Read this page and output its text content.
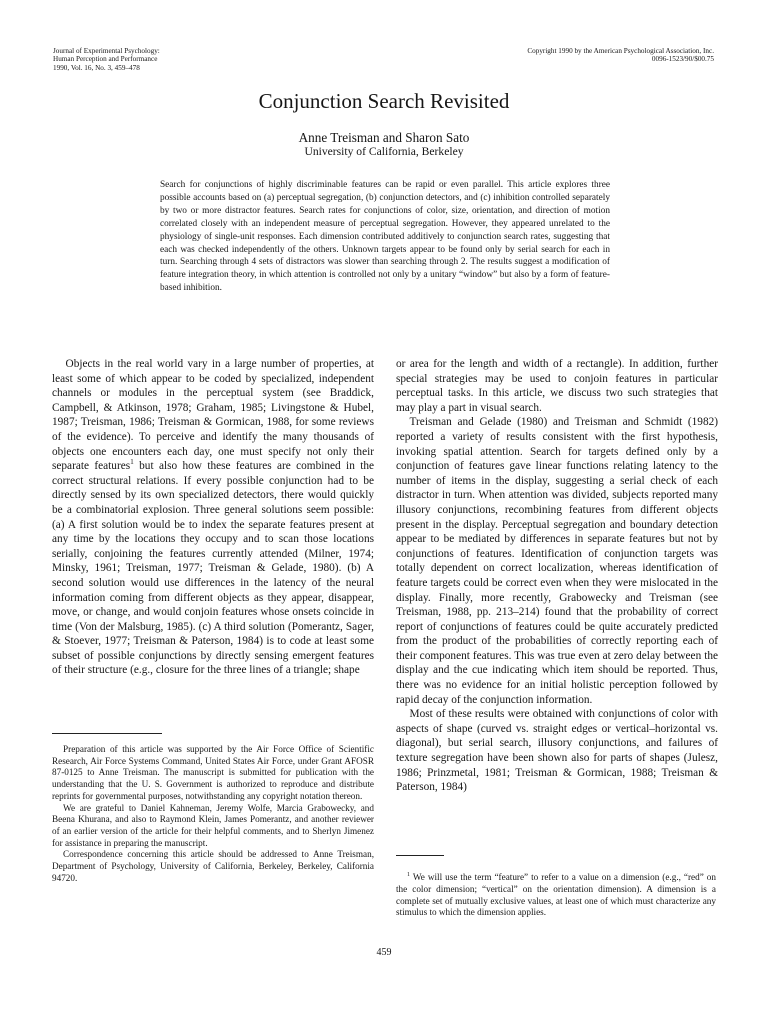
Journal of Experimental Psychology:
Human Perception and Performance
1990, Vol. 16, No. 3, 459–478
Copyright 1990 by the American Psychological Association, Inc.
0096-1523/90/$00.75
Conjunction Search Revisited
Anne Treisman and Sharon Sato
University of California, Berkeley

Search for conjunctions of highly discriminable features can be rapid or even parallel. This article explores three possible accounts based on (a) perceptual segregation, (b) conjunction detectors, and (c) inhibition controlled separately by two or more distractor features. Search rates for conjunctions of color, size, orientation, and direction of motion correlated closely with an independent measure of perceptual segregation. However, they appeared unrelated to the physiology of single-unit responses. Each dimension contributed additively to conjunction search rates, suggesting that each was checked independently of the others. Unknown targets appear to be found only by serial search for each in turn. Searching through 4 sets of distractors was slower than searching through 2. The results suggest a modification of feature integration theory, in which attention is controlled not only by a unitary “window” but also by a form of feature-based inhibition.

Objects in the real world vary in a large number of properties, at least some of which appear to be coded by specialized, independent channels or modules in the perceptual system (see Braddick, Campbell, & Atkinson, 1978; Graham, 1985; Livingstone & Hubel, 1987; Treisman, 1986; Treisman & Gormican, 1988, for some reviews of the evidence). To perceive and identify the many thousands of objects one encounters each day, one must specify not only their separate features$^1$ but also how these features are combined in the correct structural relations. If every possible conjunction had to be directly sensed by its own specialized detectors, there would quickly be a combinatorial explosion. Three general solutions seem possible: (a) A first solution would be to index the separate features present at any time by the locations they occupy and to scan those locations serially, conjoining the features currently attended (Milner, 1974; Minsky, 1961; Treisman, 1977; Treisman & Gelade, 1980). (b) A second solution would use differences in the latency of the neural information coming from different objects as they appear, disappear, move, or change, and would conjoin features whose onsets coincide in time (Von der Malsburg, 1985). (c) A third solution (Pomerantz, Sager, & Stoever, 1977; Treisman & Paterson, 1984) is to code at least some subset of possible conjunctions by directly sensing emergent features of their structure (e.g., closure for the three lines of a triangle; shape

Preparation of this article was supported by the Air Force Office of Scientific Research, Air Force Systems Command, United States Air Force, under Grant AFOSR 87-0125 to Anne Treisman. The manuscript is submitted for publication with the understanding that the U. S. Government is authorized to reproduce and distribute reprints for governmental purposes, notwithstanding any copyright notation thereon.

We are grateful to Daniel Kahneman, Jeremy Wolfe, Marcia Grabowecky, and Beena Khurana, and also to Raymond Klein, James Pomerantz, and another reviewer of an earlier version of the article for their helpful comments, and to Sherlyn Jimenez for assistance in preparing the manuscript.

Correspondence concerning this article should be addressed to Anne Treisman, Department of Psychology, University of California, Berkeley, Berkeley, California 94720.

or area for the length and width of a rectangle). In addition, further special strategies may be used to conjoin features in particular perceptual tasks. In this article, we discuss two such strategies that may play a part in visual search.

Treisman and Gelade (1980) and Treisman and Schmidt (1982) reported a variety of results consistent with the first hypothesis, invoking spatial attention. Search for targets defined only by a conjunction of features gave linear functions relating latency to the number of items in the display, suggesting a serial check of each distractor in turn. When attention was divided, subjects reported many illusory conjunctions, recombining features from different objects present in the display. Perceptual segregation and boundary detection appear to be mediated by differences in separate features but not by conjunctions of features. Identification of conjunction targets was totally dependent on correct localization, whereas identification of feature targets could be correct even when they were mislocated in the display. Finally, more recently, Grabowecky and Treisman (see Treisman, 1988, pp. 213–214) found that the probability of correct report of conjunctions of features could be quite accurately predicted from the product of the probabilities of correctly reporting each of their component features. This was true even at zero delay between the display and the cue indicating which item should be reported. Thus, there was no evidence for an initial holistic perception followed by rapid decay of the conjunction information.

Most of these results were obtained with conjunctions of color with aspects of shape (curved vs. straight edges or vertical–horizontal vs. diagonal), but serial search, illusory conjunctions, and failures of texture segregation have been shown also for parts of shapes (Julesz, 1986; Prinzmetal, 1981; Treisman & Gormican, 1988; Treisman & Paterson, 1984)

$^1$ We will use the term “feature” to refer to a value on a dimension (e.g., “red” on the color dimension; “vertical” on the orientation dimension). A dimension is a complete set of mutually exclusive values, at least one of which must characterize any stimulus to which the dimension applies.

459
